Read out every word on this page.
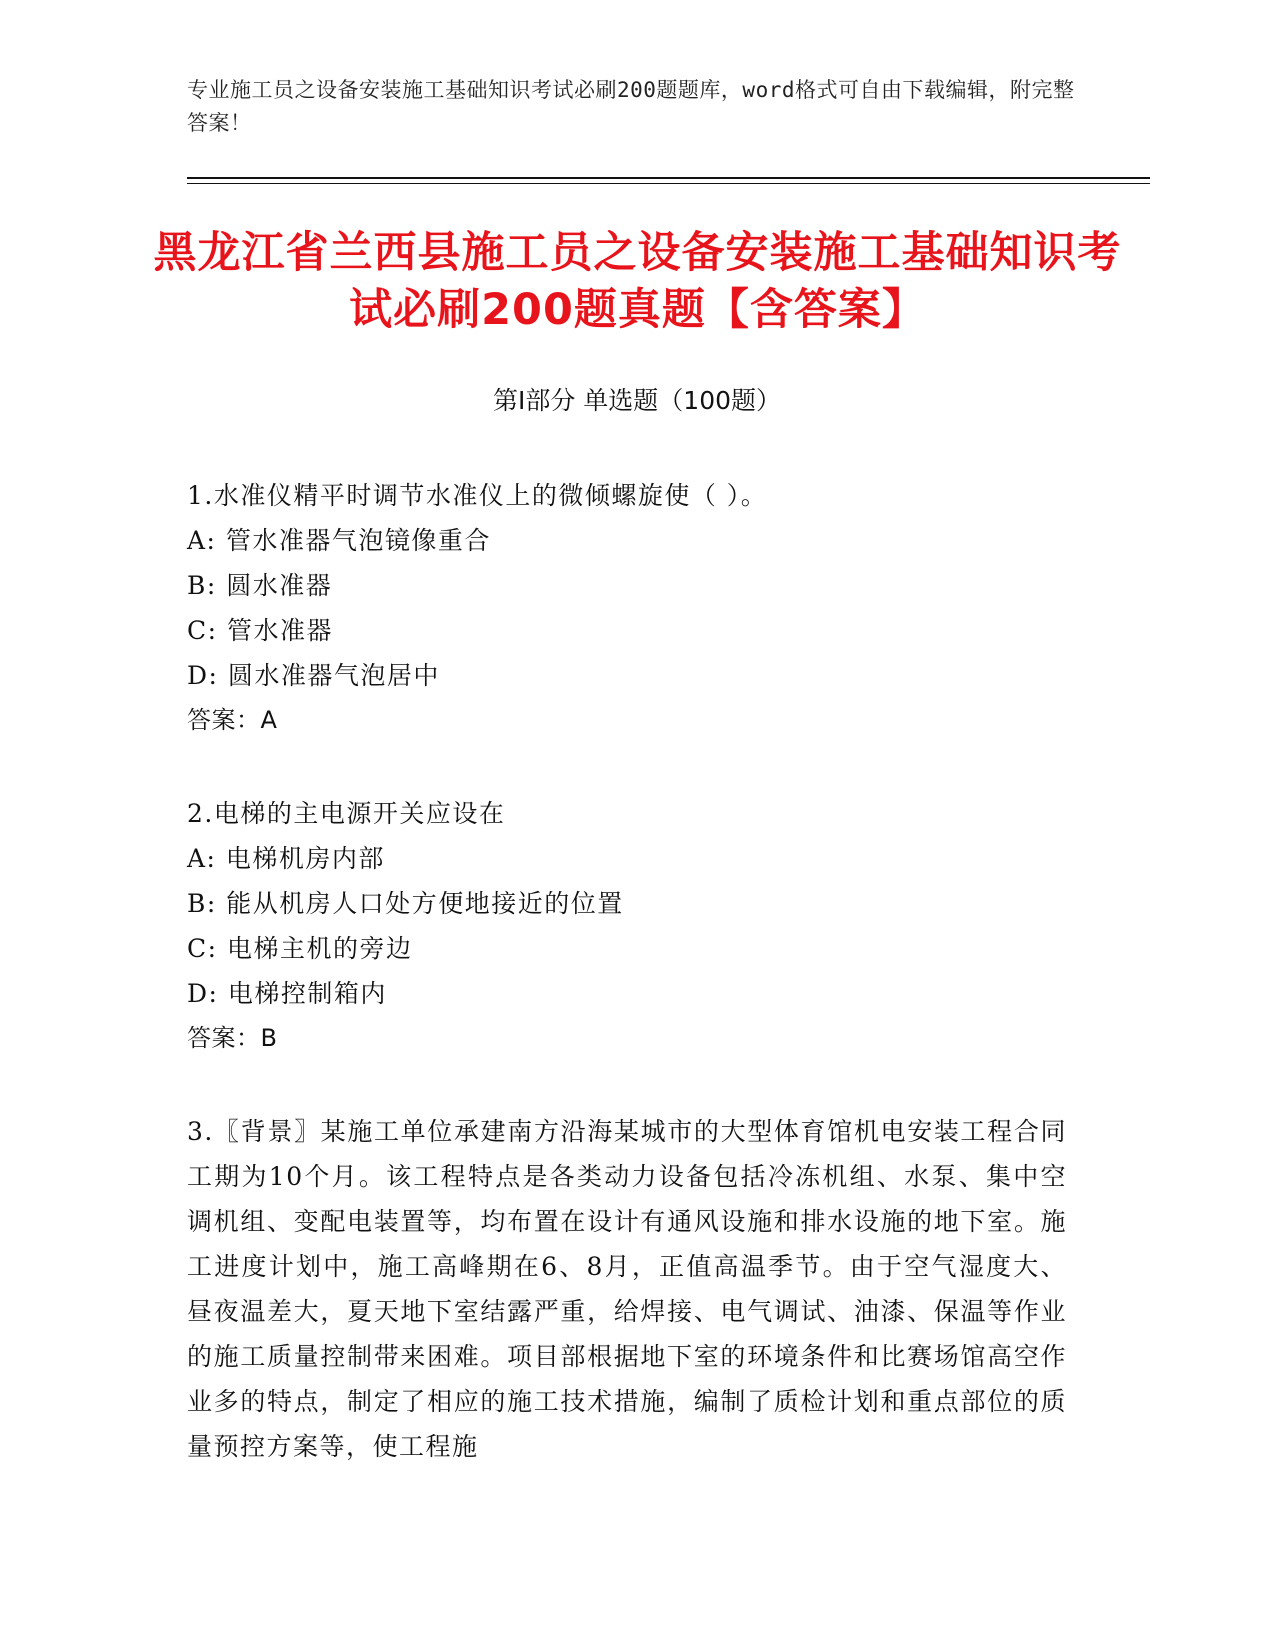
专业施工员之设备安装施工基础知识考试必刷200题题库，word格式可自由下载编辑，附完整答案！
黑龙江省兰西县施工员之设备安装施工基础知识考试必刷200题真题【含答案】
第I部分 单选题（100题）

1.水准仪精平时调节水准仪上的微倾螺旋使（ ）。

A: 管水准器气泡镜像重合

B: 圆水准器

C: 管水准器

D: 圆水准器气泡居中

答案：A

2.电梯的主电源开关应设在

A: 电梯机房内部

B: 能从机房人口处方便地接近的位置

C: 电梯主机的旁边

D: 电梯控制箱内

答案：B

3.〖背景〗某施工单位承建南方沿海某城市的大型体育馆机电安装工程合同工期为10个月。该工程特点是各类动力设备包括冷冻机组、水泵、集中空调机组、变配电装置等，均布置在设计有通风设施和排水设施的地下室。施工进度计划中，施工高峰期在6、8月，正值高温季节。由于空气湿度大、昼夜温差大，夏天地下室结露严重，给焊接、电气调试、油漆、保温等作业的施工质量控制带来困难。项目部根据地下室的环境条件和比赛场馆高空作业多的特点，制定了相应的施工技术措施，编制了质检计划和重点部位的质量预控方案等，使工程施
